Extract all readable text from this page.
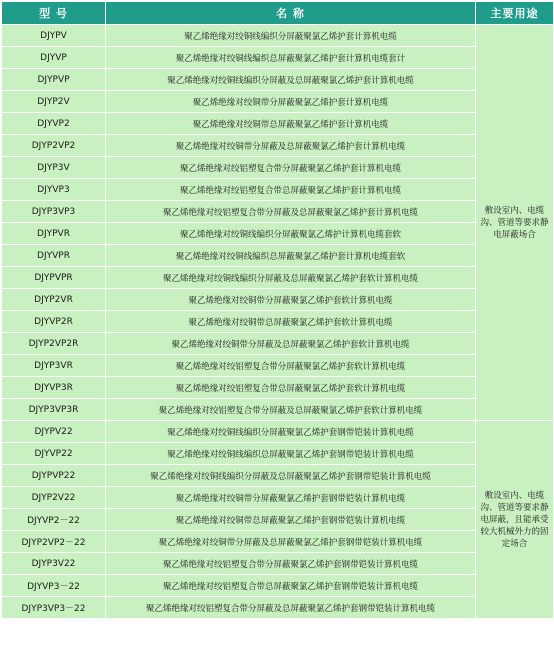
型 号	名 称	主要用途
DJYPV	聚乙烯绝缘对绞铜线编织分屏蔽聚氯乙烯护套计算机电缆	敷设室内、电缆沟、管道等要求静电屏蔽场合
DJYVP	聚乙烯绝缘对绞铜线编织总屏蔽聚氯乙烯护套计算机电缆套计	
DJYPVP	聚乙烯绝缘对绞铜线编织分屏蔽及总屏蔽聚氯乙烯护套计算机电缆	
DJYP2V	聚乙烯绝缘对绞铜带分屏蔽聚氯乙烯护套计算机电缆	
DJYVP2	聚乙烯绝缘对绞铜带总屏蔽聚氯乙烯护套计算机电缆	
DJYP2VP2	聚乙烯绝缘对绞铜带分屏蔽及总屏蔽聚氯乙烯护套计算机电缆	
DJYP3V	聚乙烯绝缘对绞铝塑复合带分屏蔽聚氯乙烯护套计算机电缆	
DJYVP3	聚乙烯绝缘对绞铝塑复合带总屏蔽聚氯乙烯护套计算机电缆	
DJYP3VP3	聚乙烯绝缘对绞铝塑复合带分屏蔽及总屏蔽聚氯乙烯护套计算机电缆	
DJYPVR	聚乙烯绝缘对绞铜线编织分屏蔽聚氯乙烯护计算机电缆套软	
DJYVPR	聚乙烯绝缘对绞铜线编织总屏蔽聚氯乙烯护套计算机电缆套软	
DJYPVPR	聚乙烯绝缘对绞铜线编织分屏蔽及总屏蔽聚氯乙烯护套软计算机电缆	
DJYP2VR	聚乙烯绝缘对绞铜带分屏蔽聚氯乙烯护套软计算机电缆	
DJYVP2R	聚乙烯绝缘对绞铜带总屏蔽聚氯乙烯护套软计算机电缆	
DJYP2VP2R	聚乙烯绝缘对绞铜带分屏蔽及总屏蔽聚氯乙烯护套软计算机电缆	
DJYP3VR	聚乙烯绝缘对绞铝塑复合带分屏蔽聚氯乙烯护套软计算机电缆	
DJYVP3R	聚乙烯绝缘对绞铝塑复合带总屏蔽聚氯乙烯护套软计算机电缆	
DJYP3VP3R	聚乙烯绝缘对绞铝塑复合带分屏蔽及总屏蔽聚氯乙烯护套软计算机电缆	
DJYPV22	聚乙烯绝缘对绞铜线编织分屏蔽聚氯乙烯护套钢带铠装计算机电缆	敷设室内、电缆沟、管道等要求静电屏蔽，且能承受较大机械外力的固定场合
DJYVP22	聚乙烯绝缘对绞铜线编织总屏蔽聚氯乙烯护套钢带铠装计算机电缆	
DJYPVP22	聚乙烯绝缘对绞铜线编织分屏蔽及总屏蔽聚氯乙烯护套钢带铠装计算机电缆	
DJYP2V22	聚乙烯绝缘对绞铜带分屏蔽聚氯乙烯护套钢带铠装计算机电缆	
DJYVP2－22	聚乙烯绝缘对绞铜带总屏蔽聚氯乙烯护套钢带铠装计算机电缆	
DJYP2VP2－22	聚乙烯绝缘对绞铜带分屏蔽及总屏蔽聚氯乙烯护套钢带铠装计算机电缆	
DJYP3V22	聚乙烯绝缘对绞铝塑复合带分屏蔽聚氯乙烯护套钢带铠装计算机电缆	
DJYVP3－22	聚乙烯绝缘对绞铝塑复合带总屏蔽聚氯乙烯护套钢带铠装计算机电缆	
DJYP3VP3－22	聚乙烯绝缘对绞铝塑复合带分屏蔽及总屏蔽聚氯乙烯护套钢带铠装计算机电缆	
